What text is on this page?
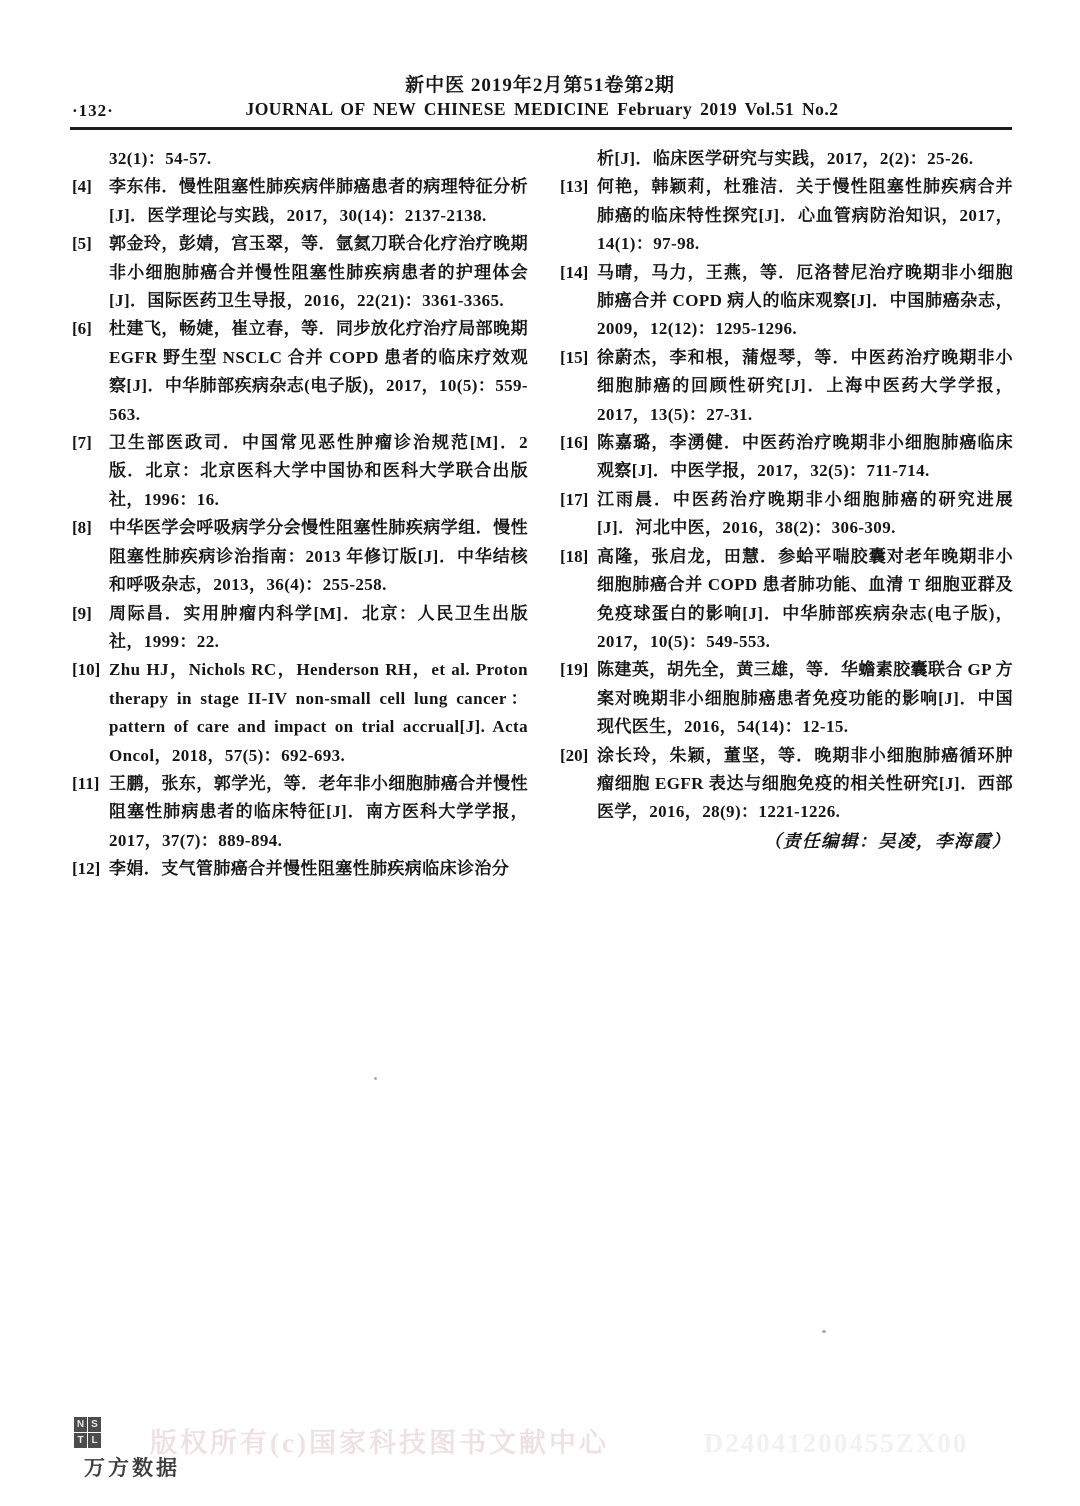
新中医 2019年2月第51卷第2期
·132·	JOURNAL OF NEW CHINESE MEDICINE February 2019 Vol.51 No.2
32(1)：54-57.
[4]	李东伟．慢性阻塞性肺疾病伴肺癌患者的病理特征分析[J]．医学理论与实践，2017，30(14)：2137-2138.
[5]	郭金玲，彭婧，宫玉翠，等．氩氦刀联合化疗治疗晚期非小细胞肺癌合并慢性阻塞性肺疾病患者的护理体会[J]．国际医药卫生导报，2016，22(21)：3361-3365.
[6]	杜建飞，畅婕，崔立春，等．同步放化疗治疗局部晚期 EGFR 野生型 NSCLC 合并 COPD 患者的临床疗效观察[J]．中华肺部疾病杂志(电子版)，2017，10(5)：559-563.
[7]	卫生部医政司．中国常见恶性肿瘤诊治规范[M]．2 版．北京：北京医科大学中国协和医科大学联合出版社，1996：16.
[8]	中华医学会呼吸病学分会慢性阻塞性肺疾病学组．慢性阻塞性肺疾病诊治指南：2013 年修订版[J]．中华结核和呼吸杂志，2013，36(4)：255-258.
[9]	周际昌．实用肿瘤内科学[M]．北京：人民卫生出版社，1999：22.
[10] Zhu HJ，Nichols RC，Henderson RH，et al. Proton therapy in stage II-IV non-small cell lung cancer：pattern of care and impact on trial accrual[J]. Acta Oncol，2018，57(5)：692-693.
[11] 王鹏，张东，郭学光，等．老年非小细胞肺癌合并慢性阻塞性肺病患者的临床特征[J]．南方医科大学学报，2017，37(7)：889-894.
[12] 李娟．支气管肺癌合并慢性阻塞性肺疾病临床诊治分
析[J]．临床医学研究与实践，2017，2(2)：25-26.
[13] 何艳，韩颖莉，杜雅洁．关于慢性阻塞性肺疾病合并肺癌的临床特性探究[J]．心血管病防治知识，2017，14(1)：97-98.
[14] 马晴，马力，王燕，等．厄洛替尼治疗晚期非小细胞肺癌合并 COPD 病人的临床观察[J]．中国肺癌杂志，2009，12(12)：1295-1296.
[15] 徐蔚杰，李和根，蒲煜琴，等．中医药治疗晚期非小细胞肺癌的回顾性研究[J]．上海中医药大学学报，2017，13(5)：27-31.
[16] 陈嘉璐，李湧健．中医药治疗晚期非小细胞肺癌临床观察[J]．中医学报，2017，32(5)：711-714.
[17] 江雨晨．中医药治疗晚期非小细胞肺癌的研究进展[J]．河北中医，2016，38(2)：306-309.
[18] 高隆，张启龙，田慧．参蛤平喘胶囊对老年晚期非小细胞肺癌合并 COPD 患者肺功能、血清 T 细胞亚群及免疫球蛋白的影响[J]．中华肺部疾病杂志(电子版)，2017，10(5)：549-553.
[19] 陈建英，胡先全，黄三雄，等．华蟾素胶囊联合 GP 方案对晚期非小细胞肺癌患者免疫功能的影响[J]．中国现代医生，2016，54(14)：12-15.
[20] 涂长玲，朱颖，董坚，等．晚期非小细胞肺癌循环肿瘤细胞 EGFR 表达与细胞免疫的相关性研究[J]．西部医学，2016，28(9)：1221-1226.
（责任编辑：吴凌，李海霞）
N S
T L 版权所有(c)国家科技图书文献中心	D24041200455ZX00
万方数据
